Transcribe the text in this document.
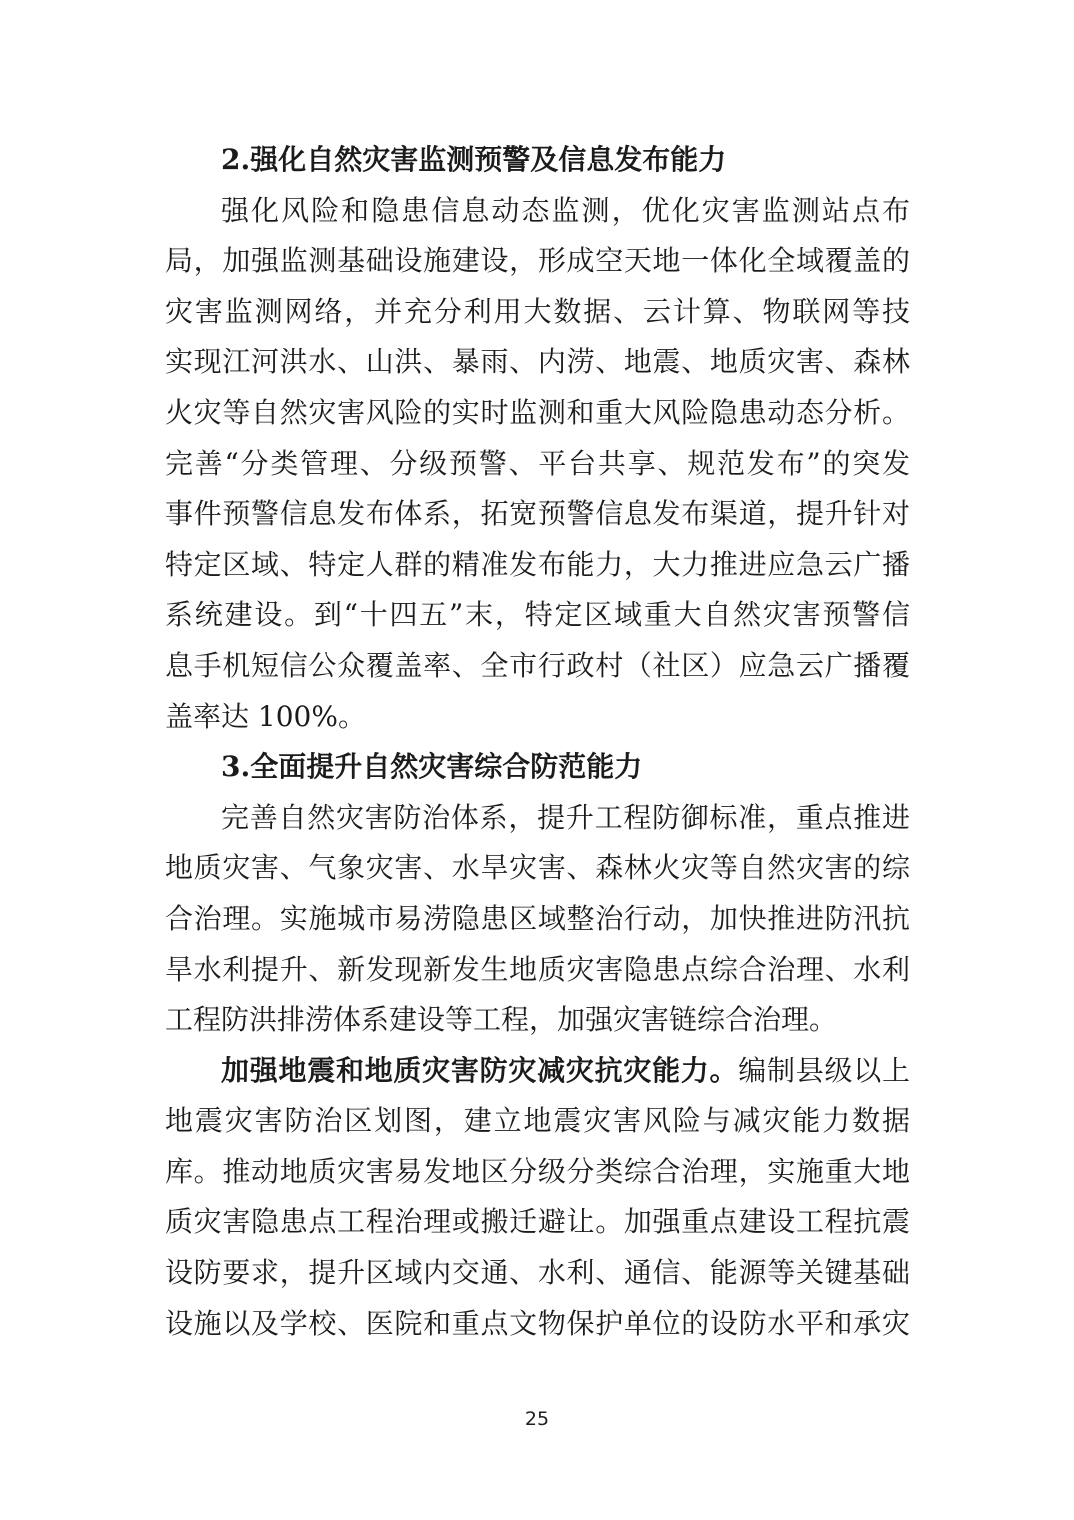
2.强化自然灾害监测预警及信息发布能力
强化风险和隐患信息动态监测，优化灾害监测站点布
局，加强监测基础设施建设，形成空天地一体化全域覆盖的
灾害监测网络，并充分利用大数据、云计算、物联网等技
实现江河洪水、山洪、暴雨、内涝、地震、地质灾害、森林
火灾等自然灾害风险的实时监测和重大风险隐患动态分析。
完善“分类管理、分级预警、平台共享、规范发布”的突发
事件预警信息发布体系，拓宽预警信息发布渠道，提升针对
特定区域、特定人群的精准发布能力，大力推进应急云广播
系统建设。到“十四五”末，特定区域重大自然灾害预警信
息手机短信公众覆盖率、全市行政村（社区）应急云广播覆
盖率达 100%。
3.全面提升自然灾害综合防范能力
完善自然灾害防治体系，提升工程防御标准，重点推进
地质灾害、气象灾害、水旱灾害、森林火灾等自然灾害的综
合治理。实施城市易涝隐患区域整治行动，加快推进防汛抗
旱水利提升、新发现新发生地质灾害隐患点综合治理、水利
工程防洪排涝体系建设等工程，加强灾害链综合治理。
加强地震和地质灾害防灾减灾抗灾能力。编制县级以上
地震灾害防治区划图，建立地震灾害风险与减灾能力数据
库。推动地质灾害易发地区分级分类综合治理，实施重大地
质灾害隐患点工程治理或搬迁避让。加强重点建设工程抗震
设防要求，提升区域内交通、水利、通信、能源等关键基础
设施以及学校、医院和重点文物保护单位的设防水平和承灾
25
